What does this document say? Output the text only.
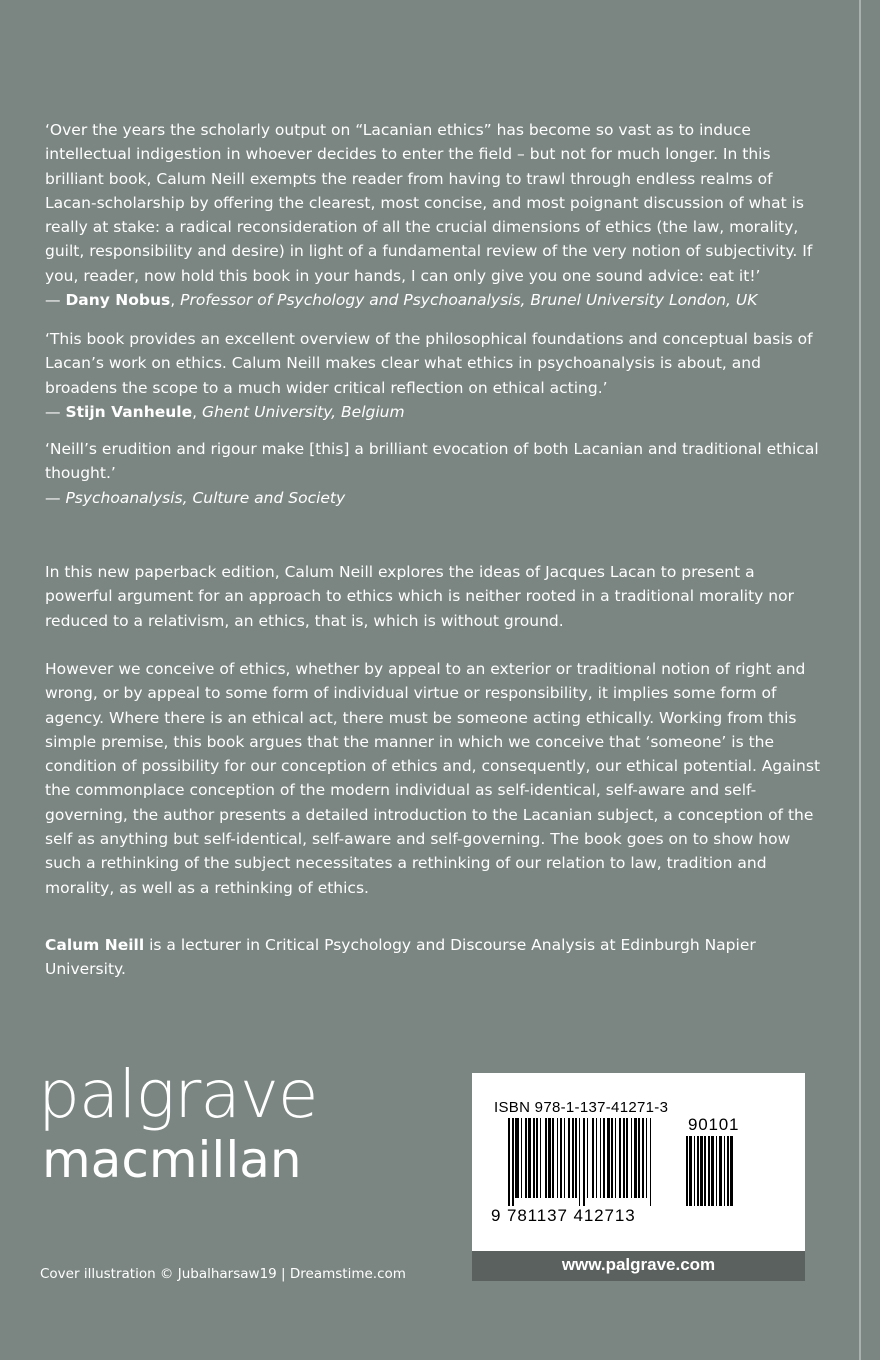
‘Over the years the scholarly output on “Lacanian ethics” has become so vast as to induce intellectual indigestion in whoever decides to enter the field – but not for much longer. In this brilliant book, Calum Neill exempts the reader from having to trawl through endless realms of Lacan-scholarship by offering the clearest, most concise, and most poignant discussion of what is really at stake: a radical reconsideration of all the crucial dimensions of ethics (the law, morality, guilt, responsibility and desire) in light of a fundamental review of the very notion of subjectivity. If you, reader, now hold this book in your hands, I can only give you one sound advice: eat it!’

— Dany Nobus, Professor of Psychology and Psychoanalysis, Brunel University London, UK

‘This book provides an excellent overview of the philosophical foundations and conceptual basis of Lacan’s work on ethics. Calum Neill makes clear what ethics in psychoanalysis is about, and broadens the scope to a much wider critical reflection on ethical acting.’

— Stijn Vanheule, Ghent University, Belgium

‘Neill’s erudition and rigour make [this] a brilliant evocation of both Lacanian and traditional ethical thought.’

— Psychoanalysis, Culture and Society

In this new paperback edition, Calum Neill explores the ideas of Jacques Lacan to present a powerful argument for an approach to ethics which is neither rooted in a traditional morality nor reduced to a relativism, an ethics, that is, which is without ground.

However we conceive of ethics, whether by appeal to an exterior or traditional notion of right and wrong, or by appeal to some form of individual virtue or responsibility, it implies some form of agency. Where there is an ethical act, there must be someone acting ethically. Working from this simple premise, this book argues that the manner in which we conceive that ‘someone’ is the condition of possibility for our conception of ethics and, consequently, our ethical potential. Against the commonplace conception of the modern individual as self-identical, self-aware and self-governing, the author presents a detailed introduction to the Lacanian subject, a conception of the self as anything but self-identical, self-aware and self-governing. The book goes on to show how such a rethinking of the subject necessitates a rethinking of our relation to law, tradition and morality, as well as a rethinking of ethics.

Calum Neill is a lecturer in Critical Psychology and Discourse Analysis at Edinburgh Napier University.

palgrave
macmillan
Cover illustration © Jubalharsaw19 | Dreamstime.com
ISBN 978-1-137-41271-3
90101
9 781137 412713
www.palgrave.com
